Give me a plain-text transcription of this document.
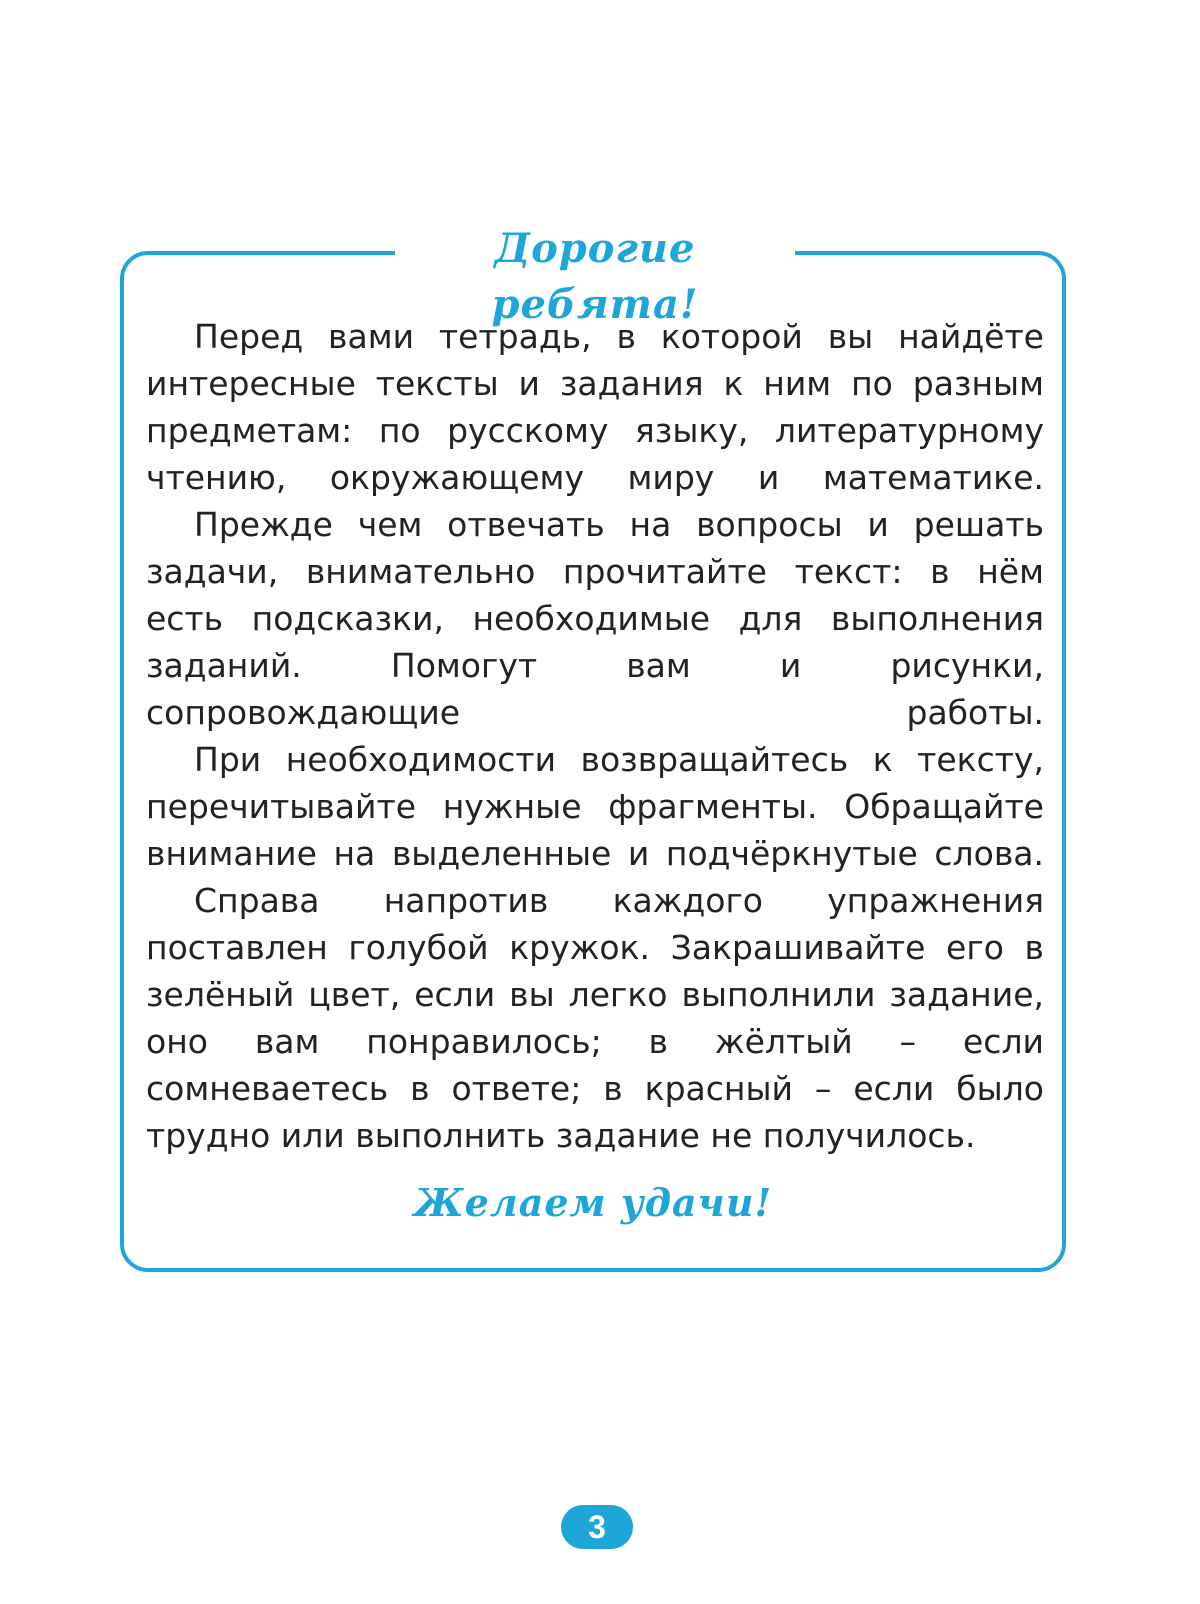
Дорогие ребята!

Перед вами тетрадь, в которой вы найдёте интересные тексты и задания к ним по разным предметам: по русскому языку, литературному чтению, окружающему миру и математике.

Прежде чем отвечать на вопросы и решать задачи, внимательно прочитайте текст: в нём есть подсказки, необходимые для выполнения заданий. Помогут вам и рисунки, сопровождающие работы.

При необходимости возвращайтесь к тексту, перечитывайте нужные фрагменты. Обращайте внимание на выделенные и подчёркнутые слова.

Справа напротив каждого упражнения поставлен голубой кружок. Закрашивайте его в зелёный цвет, если вы легко выполнили задание, оно вам понравилось; в жёлтый – если сомневаетесь в ответе; в красный – если было трудно или выполнить задание не получилось.

Желаем удачи!
3
